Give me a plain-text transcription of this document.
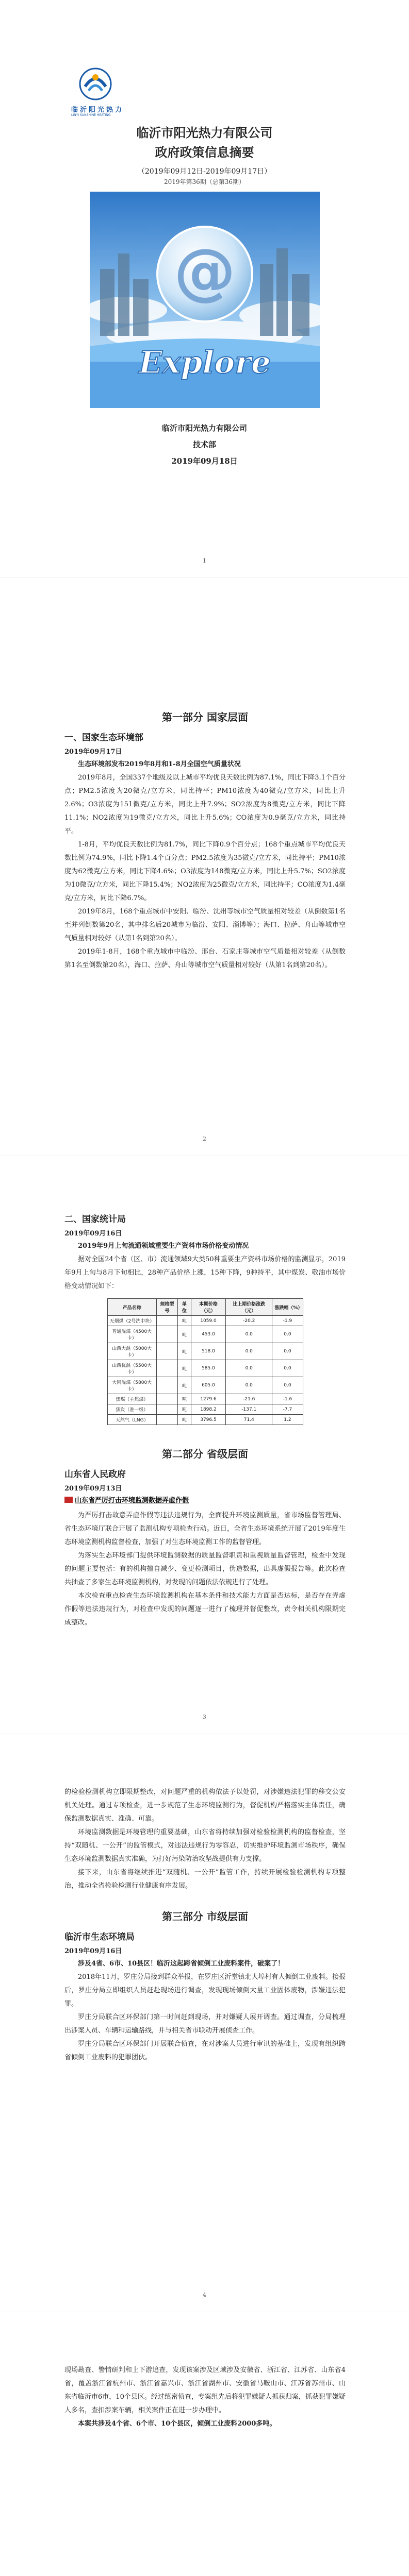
临沂阳光热力
LINYI SUNSHINE HEATING
临沂市阳光热力有限公司
政府政策信息摘要
（2019年09月12日-2019年09月17日）
2019年第36期（总第36期）
@
Explore
临沂市阳光热力有限公司
技术部
2019年09月18日
1
第一部分 国家层面
一、国家生态环境部
2019年09月17日

生态环境部发布2019年8月和1-8月全国空气质量状况

2019年8月，全国337个地级及以上城市平均优良天数比例为87.1%，同比下降3.1个百分点；PM2.5浓度为20微克/立方米，同比持平；PM10浓度为40微克/立方米，同比上升2.6%；O3浓度为151微克/立方米，同比上升7.9%；SO2浓度为8微克/立方米，同比下降11.1%；NO2浓度为19微克/立方米，同比上升5.6%；CO浓度为0.9毫克/立方米，同比持平。

1-8月，平均优良天数比例为81.7%，同比下降0.9个百分点；168个重点城市平均优良天数比例为74.9%，同比下降1.4个百分点；PM2.5浓度为35微克/立方米，同比持平；PM10浓度为62微克/立方米，同比下降4.6%；O3浓度为148微克/立方米，同比上升5.7%；SO2浓度为10微克/立方米，同比下降15.4%；NO2浓度为25微克/立方米，同比持平；CO浓度为1.4毫克/立方米，同比下降6.7%。

2019年8月，168个重点城市中安阳、临汾、沈州等城市空气质量相对较差（从倒数第1名至并列倒数第20名，其中排名后20城市为临汾、安阳、淄博等）；海口、拉萨、舟山等城市空气质量相对较好（从第1名到第20名）。

2019年1-8月，168个重点城市中临汾、邢台、石家庄等城市空气质量相对较差（从倒数第1名至倒数第20名），海口、拉萨、舟山等城市空气质量相对较好（从第1名到第20名）。

2
二、国家统计局
2019年09月16日

2019年9月上旬流通领域重要生产资料市场价格变动情况

据对全国24个省（区、市）流通领域9大类50种重要生产资料市场价格的监测显示，2019年9月上旬与8月下旬相比，28种产品价格上涨，15种下降，9种持平，其中煤炭、敬油市场价格变动情况如下：

产品名称	规格型号	单位	本期价格（元）	比上期价格涨跌（元）	涨跌幅（%）
无烟煤（2号洗中块）		吨	1059.0	-20.2	-1.9
普通混煤（4500大卡）		吨	453.0	0.0	0.0
山西大混（5000大卡）		吨	518.0	0.0	0.0
山西优混（5500大卡）		吨	585.0	0.0	0.0
大同混煤（5800大卡）		吨	605.0	0.0	0.0
焦煤（主焦煤）		吨	1279.6	-21.6	-1.6
焦炭（准一级）		吨	1898.2	-137.1	-7.7
天然气（LNG）		吨	3796.5	71.4	1.2
第二部分 省级层面
山东省人民政府
2019年09月13日
山东省严厉打击环境监测数据弄虚作假

为严厉打击故意弄虚作假等违法违规行为，全面提升环境监测质量，省市场监督管理局、省生态环境厅联合开展了监测机构专项检查行动。近日，全省生态环境系统开展了2019年度生态环境监测机构监督检查，加强了对生态环境监测工作的监督管理。

为落实生态环境部门提供环境监测数据的质量监督职责和重视质量监督管理，检查中发现的问题主要包括：有的机构擅自减少、变更检测项目，伪造数据，出具虚假报告等。此次检查共抽查了多家生态环境监测机构，对发现的问题依法依规进行了处理。

本次检查重点检查生态环境监测机构在基本条件和技术能力方面是否达标，是否存在弄虚作假等违法违规行为，对检查中发现的问题逐一进行了梳理并督促整改，责令相关机构限期完成整改。

3

的检验检测机构立即限期整改，对问题严重的机构依法予以处罚，对涉嫌违法犯罪的移交公安机关处理。通过专项检查，进一步规范了生态环境监测行为，督促机构严格落实主体责任，确保监测数据真实、准确、可靠。

环境监测数据是环境管理的重要基础，山东省将持续加强对检验检测机构的监督检查，坚持“双随机、一公开”的监管模式，对违法违规行为零容忍，切实维护环境监测市场秩序，确保生态环境监测数据真实准确，为打好污染防治攻坚战提供有力支撑。

接下来，山东省将继续推进“双随机、一公开”监管工作，持续开展检验检测机构专项整治，推动全省检验检测行业健康有序发展。

第三部分 市级层面
临沂市生态环境局
2019年09月16日

涉及4省、6市、10县区！临沂这起跨省倾倒工业废料案件，破案了！

2018年11月，罗庄分局接到群众举报，在罗庄区沂堂镇北大埠村有人倾倒工业废料。接报后，罗庄分局立即组织人员赶赴现场进行调查，发现现场倾倒大量工业固体废物，涉嫌违法犯罪。

罗庄分局联合区环保部门第一时间赶到现场，并对嫌疑人展开调查。通过调查，分局梳理出涉案人员、车辆和运输路线，并与相关省市联动开展侦查工作。

罗庄分局联合区环保部门开展联合侦查，在对涉案人员进行审讯的基础上，发现有组织跨省倾倒工业废料的犯罪团伙。

4

现场勘查、警情研判和上下游追查，发现该案涉及区域涉及安徽省、浙江省、江苏省、山东省4省，覆盖浙江省杭州市、浙江省嘉兴市、浙江省湖州市、安徽省马鞍山市、江苏省苏州市、山东省临沂市6市，10个县区。经过缜密侦查，专案组先后将犯罪嫌疑人抓获归案，抓获犯罪嫌疑人多名，查扣涉案车辆，相关案件正在进一步办理中。

本案共涉及4个省、6个市、10个县区，倾倒工业废料2000多吨。
